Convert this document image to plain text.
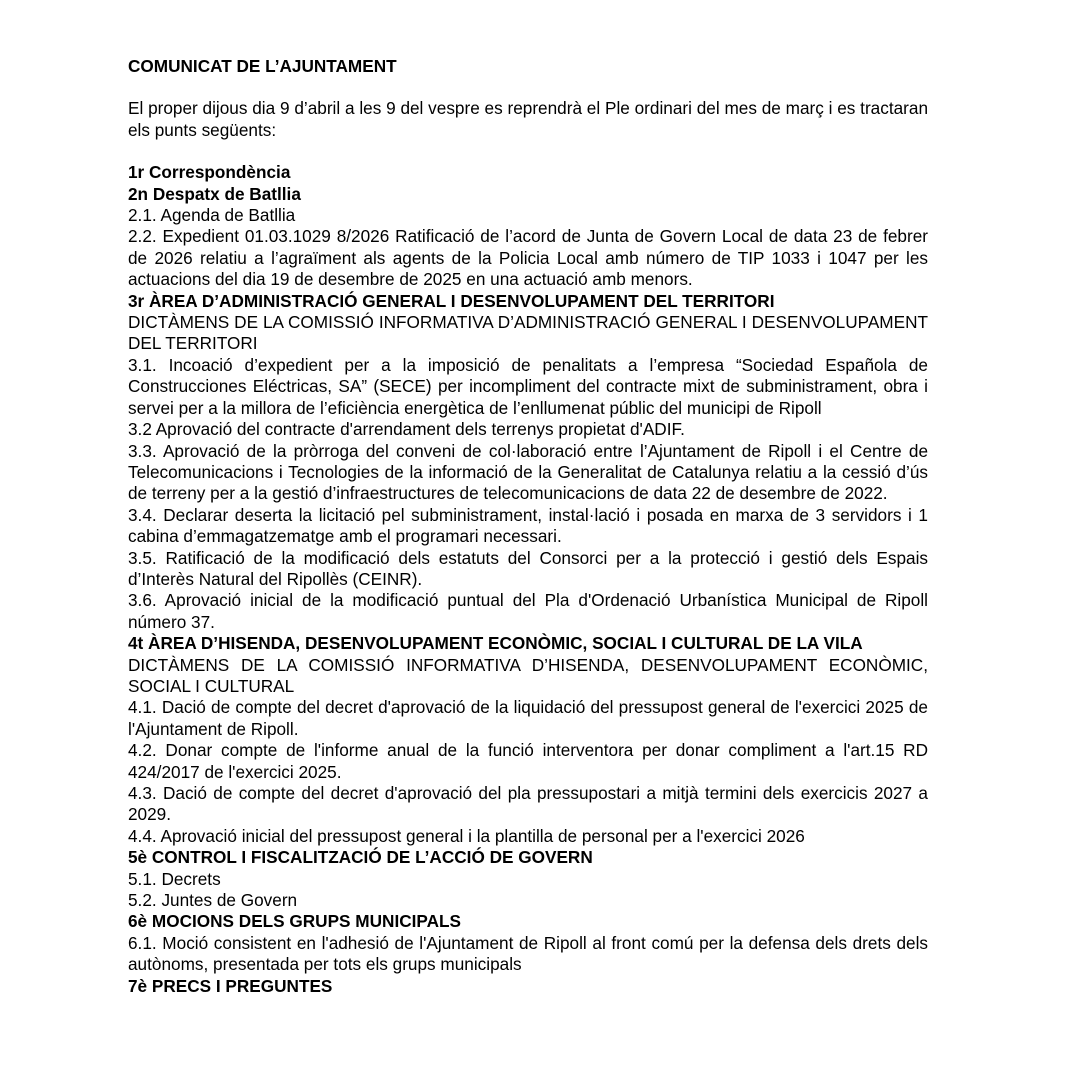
COMUNICAT DE L’AJUNTAMENT

El proper dijous dia 9 d’abril a les 9 del vespre es reprendrà el Ple ordinari del mes de març i es tractaran els punts següents:

1r Correspondència

2n Despatx de Batllia

2.1. Agenda de Batllia

2.2. Expedient 01.03.1029 8/2026 Ratificació de l’acord de Junta de Govern Local de data 23 de febrer de 2026 relatiu a l’agraïment als agents de la Policia Local amb número de TIP 1033 i 1047 per les actuacions del dia 19 de desembre de 2025 en una actuació amb menors.

3r ÀREA D’ADMINISTRACIÓ GENERAL I DESENVOLUPAMENT DEL TERRITORI

DICTÀMENS DE LA COMISSIÓ INFORMATIVA D’ADMINISTRACIÓ GENERAL I DESENVOLUPAMENT DEL TERRITORI

3.1. Incoació d’expedient per a la imposició de penalitats a l’empresa “Sociedad Española de Construcciones Eléctricas, SA” (SECE) per incompliment del contracte mixt de subministrament, obra i servei per a la millora de l’eficiència energètica de l’enllumenat públic del municipi de Ripoll

3.2 Aprovació del contracte d'arrendament dels terrenys propietat d'ADIF.

3.3. Aprovació de la pròrroga del conveni de col·laboració entre l’Ajuntament de Ripoll i el Centre de Telecomunicacions i Tecnologies de la informació de la Generalitat de Catalunya relatiu a la cessió d’ús de terreny per a la gestió d’infraestructures de telecomunicacions de data 22 de desembre de 2022.

3.4. Declarar deserta la licitació pel subministrament, instal·lació i posada en marxa de 3 servidors i 1 cabina d’emmagatzematge amb el programari necessari.

3.5. Ratificació de la modificació dels estatuts del Consorci per a la protecció i gestió dels Espais d’Interès Natural del Ripollès (CEINR).

3.6. Aprovació inicial de la modificació puntual del Pla d'Ordenació Urbanística Municipal de Ripoll número 37.

4t ÀREA D’HISENDA, DESENVOLUPAMENT ECONÒMIC, SOCIAL I CULTURAL DE LA VILA

DICTÀMENS DE LA COMISSIÓ INFORMATIVA D’HISENDA, DESENVOLUPAMENT ECONÒMIC, SOCIAL I CULTURAL

4.1. Dació de compte del decret d'aprovació de la liquidació del pressupost general de l'exercici 2025 de l'Ajuntament de Ripoll.

4.2. Donar compte de l'informe anual de la funció interventora per donar compliment a l'art.15 RD 424/2017 de l'exercici 2025.

4.3. Dació de compte del decret d'aprovació del pla pressupostari a mitjà termini dels exercicis 2027 a 2029.

4.4. Aprovació inicial del pressupost general i la plantilla de personal per a l'exercici 2026

5è CONTROL I FISCALITZACIÓ DE L’ACCIÓ DE GOVERN

5.1. Decrets

5.2. Juntes de Govern

6è MOCIONS DELS GRUPS MUNICIPALS

6.1. Moció consistent en l'adhesió de l'Ajuntament de Ripoll al front comú per la defensa dels drets dels autònoms, presentada per tots els grups municipals

7è PRECS I PREGUNTES
